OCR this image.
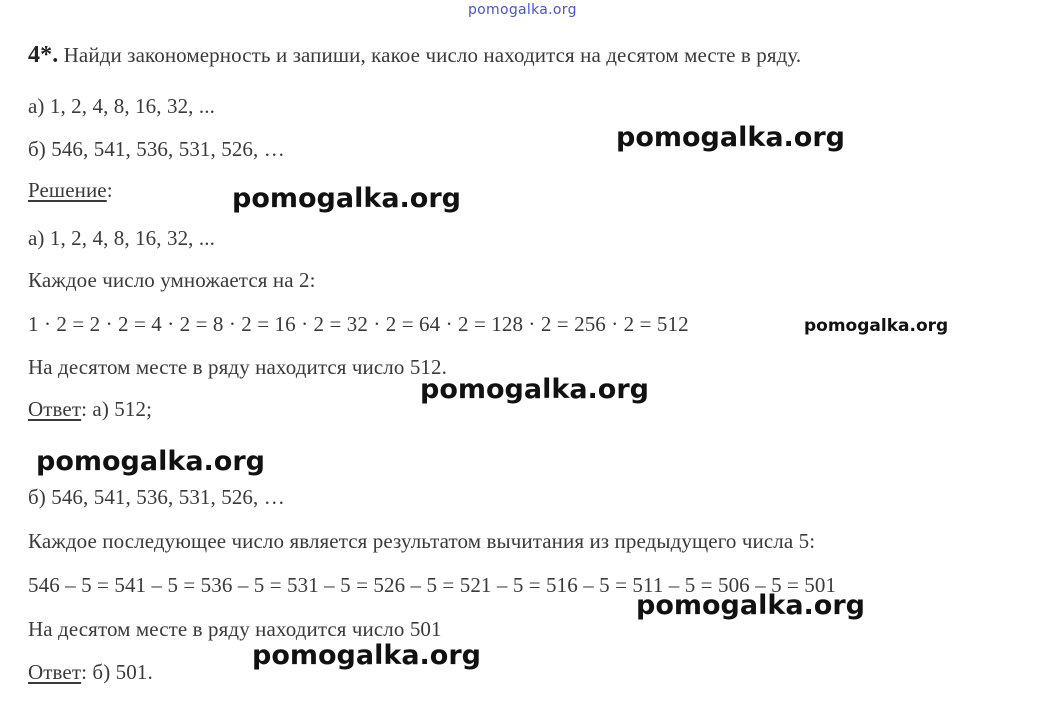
pomogalka.org
4*. Найди закономерность и запиши, какое число находится на десятом месте в ряду.
а) 1, 2, 4, 8, 16, 32, ...
б) 546, 541, 536, 531, 526, …
Решение:
а) 1, 2, 4, 8, 16, 32, ...
Каждое число умножается на 2:
1 · 2 = 2 · 2 = 4 · 2 = 8 · 2 = 16 · 2 = 32 · 2 = 64 · 2 = 128 · 2 = 256 · 2 = 512
На десятом месте в ряду находится число 512.
Ответ: а) 512;
б) 546, 541, 536, 531, 526, …
Каждое последующее число является результатом вычитания из предыдущего числа 5:
546 – 5 = 541 – 5 = 536 – 5 = 531 – 5 = 526 – 5 = 521 – 5 = 516 – 5 = 511 – 5 = 506 – 5 = 501
На десятом месте в ряду находится число 501
Ответ: б) 501.
pomogalka.org
pomogalka.org
pomogalka.org
pomogalka.org
pomogalka.org
pomogalka.org
pomogalka.org
